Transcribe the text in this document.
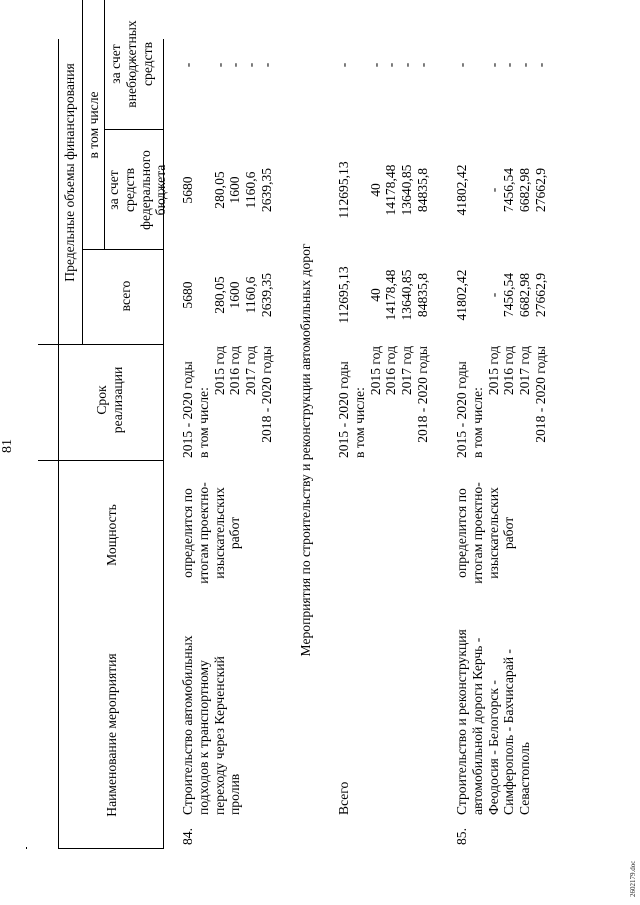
81
Наименование мероприятия
Мощность
Срок реализации
Предельные объемы финансирования
всего
в том числе
за счет средств федерального бюджета
за счет внебюджетных средств
84.
Строительство автомобильных подходов к транспортному переходу через Керченский пролив
определится по итогам проектно- изыскательских работ
2015 - 2020 годы в том числе:
2015 год 2016 год 2017 год 2018 - 2020 годы
5680
280,05 1600 1160,6 2639,35
5680
280,05 1600 1160,6 2639,35
-
- - - -
Мероприятия по строительству и реконструкции автомобильных дорог
Всего
2015 - 2020 годы в том числе:
2015 год 2016 год 2017 год 2018 - 2020 годы
112695,13
40 14178,48 13640,85 84835,8
112695,13
40 14178,48 13640,85 84835,8
-
- - - -
85.
Строительство и реконструкция автомобильной дороги Керчь - Феодосия - Белогорск - Симферополь - Бахчисарай - Севастополь
определится по итогам проектно- изыскательских работ
2015 - 2020 годы в том числе:
2015 год 2016 год 2017 год 2018 - 2020 годы
41802,42
- 7456,54 6682,98 27662,9
41802,42
- 7456,54 6682,98 27662,9
-
- - - -
2602179.doc
